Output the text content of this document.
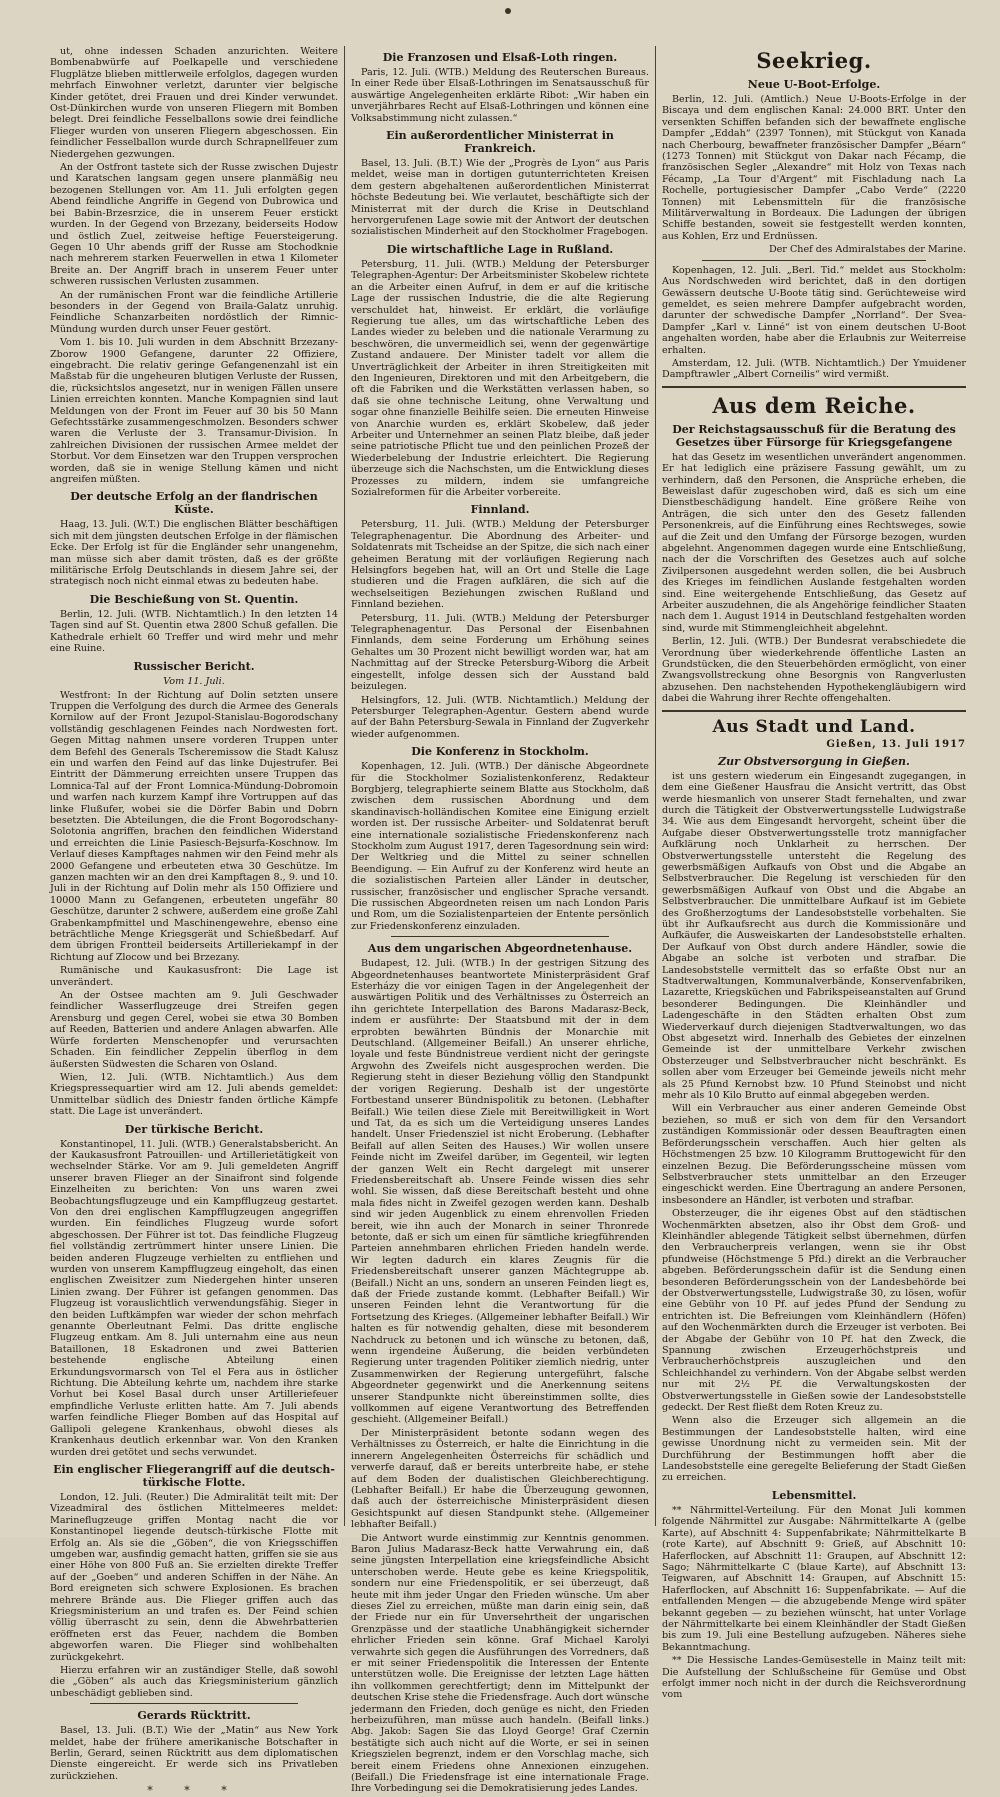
ut, ohne indessen Schaden anzurichten. Weitere Bombenabwürfe auf Poelkapelle und verschiedene Flugplätze blieben mittlerweile erfolglos, dagegen wurden mehrfach Einwohner verletzt, darunter vier belgische Kinder getötet, drei Frauen und drei Kinder verwundet. Ost-Dünkirchen wurde von unseren Fliegern mit Bomben belegt. Drei feindliche Fesselballons sowie drei feindliche Flieger wurden von unseren Fliegern abgeschossen. Ein feindlicher Fesselballon wurde durch Schrapnellfeuer zum Niedergehen gezwungen.

An der Ostfront tastete sich der Russe zwischen Dujestr und Karatschen langsam gegen unsere planmäßig neu bezogenen Stellungen vor. Am 11. Juli erfolgten gegen Abend feindliche Angriffe in Gegend von Dubrowica und bei Babin-Brzesrzice, die in unserem Feuer erstickt wurden. In der Gegend von Brzezany, beiderseits Hodow und östlich Zuel, zeitweise heftige Feuersteigerung. Gegen 10 Uhr abends griff der Russe am Stochodknie nach mehrerem starken Feuerwellen in etwa 1 Kilometer Breite an. Der Angriff brach in unserem Feuer unter schweren russischen Verlusten zusammen.

An der rumänischen Front war die feindliche Artillerie besonders in der Gegend von Braila-Galatz unruhig. Feindliche Schanzarbeiten nordöstlich der Rimnic-Mündung wurden durch unser Feuer gestört.

Vom 1. bis 10. Juli wurden in dem Abschnitt Brzezany-Zborow 1900 Gefangene, darunter 22 Offiziere, eingebracht. Die relativ geringe Gefangenenzahl ist ein Maßstab für die ungeheuren blutigen Verluste der Russen, die, rücksichtslos angesetzt, nur in wenigen Fällen unsere Linien erreichten konnten. Manche Kompagnien sind laut Meldungen von der Front im Feuer auf 30 bis 50 Mann Gefechtsstärke zusammengeschmolzen. Besonders schwer waren die Verluste der 3. Transamur-Division. In zahlreichen Divisionen der russischen Armee meldet der Storbut. Vor dem Einsetzen war den Truppen versprochen worden, daß sie in wenige Stellung kämen und nicht angreifen müßten.

Der deutsche Erfolg an der flandrischen Küste.

Haag, 13. Juli. (W.T.) Die englischen Blätter beschäftigen sich mit dem jüngsten deutschen Erfolge in der flämischen Ecke. Der Erfolg ist für die Engländer sehr unangenehm, man müsse sich aber damit trösten, daß es der größte militärische Erfolg Deutschlands in diesem Jahre sei, der strategisch noch nicht einmal etwas zu bedeuten habe.

Die Beschießung von St. Quentin.

Berlin, 12. Juli. (WTB. Nichtamtlich.) In den letzten 14 Tagen sind auf St. Quentin etwa 2800 Schuß gefallen. Die Kathedrale erhielt 60 Treffer und wird mehr und mehr eine Ruine.

Russischer Bericht.
Vom 11. Juli.

Westfront: In der Richtung auf Dolin setzten unsere Truppen die Verfolgung des durch die Armee des Generals Kornilow auf der Front Jezupol-Stanislau-Bogorodschany vollständig geschlagenen Feindes nach Nordwesten fort. Gegen Mittag nahmen unsere vorderen Truppen unter dem Befehl des Generals Tscheremissow die Stadt Kalusz ein und warfen den Feind auf das linke Dujestrufer. Bei Eintritt der Dämmerung erreichten unsere Truppen das Lomnica-Tal auf der Front Lomnica-Mündung-Dobromoin und warfen nach kurzem Kampf ihre Vortruppen auf das linke Flußufer, wobei sie die Dörfer Babin und Dobrn besetzten. Die Abteilungen, die die Front Bogorodschany-Solotonia angriffen, brachen den feindlichen Widerstand und erreichten die Linie Pasiesch-Bejsurfa-Koschnow. Im Verlauf dieses Kampftages nahmen wir den Feind mehr als 2000 Gefangene und erbeuteten etwa 30 Geschütze. Im ganzen machten wir an den drei Kampftagen 8., 9. und 10. Juli in der Richtung auf Dolin mehr als 150 Offiziere und 10000 Mann zu Gefangenen, erbeuteten ungefähr 80 Geschütze, darunter 2 schwere, außerdem eine große Zahl Grabenkampfmittel und Maschinengewehre, ebenso eine beträchtliche Menge Kriegsgerät und Schießbedarf. Auf dem übrigen Frontteil beiderseits Artilleriekampf in der Richtung auf Zlocow und bei Brzezany.

Rumänische und Kaukasusfront: Die Lage ist unverändert.

An der Ostsee machten am 9. Juli Geschwader feindlicher Wasserflugzeuge drei Streifen gegen Arensburg und gegen Cerel, wobei sie etwa 30 Bomben auf Reeden, Batterien und andere Anlagen abwarfen. Alle Würfe forderten Menschenopfer und verursachten Schaden. Ein feindlicher Zeppelin überflog in dem äußersten Südwesten die Scharen von Osland.

Wien, 12. Juli. (WTB. Nichtamtlich.) Aus dem Kriegspressequartier wird am 12. Juli abends gemeldet: Unmittelbar südlich des Dniestr fanden örtliche Kämpfe statt. Die Lage ist unverändert.

Der türkische Bericht.

Konstantinopel, 11. Juli. (WTB.) Generalstabsbericht. An der Kaukasusfront Patrouillen- und Artillerietätigkeit von wechselnder Stärke. Vor am 9. Juli gemeldeten Angriff unserer braven Flieger an der Sinaifront sind folgende Einzelheiten zu berichten: Von uns waren zwei Beobachtungsflugzeuge und ein Kampfflugzeug gestartet. Von den drei englischen Kampfflugzeugen angegriffen wurden. Ein feindliches Flugzeug wurde sofort abgeschossen. Der Führer ist tot. Das feindliche Flugzeug fiel vollständig zertrümmert hinter unsere Linien. Die beiden anderen Flugzeuge verhielten zu entfliehen und wurden von unserem Kampfflugzeug eingeholt, das einen englischen Zweisitzer zum Niedergehen hinter unseren Linien zwang. Der Führer ist gefangen genommen. Das Flugzeug ist vorauslichtlich verwendungsfähig. Sieger in den beiden Luftkämpfen war wieder der schon mehrfach genannte Oberleutnant Felmi. Das dritte englische Flugzeug entkam. Am 8. Juli unternahm eine aus neun Bataillonen, 18 Eskadronen und zwei Batterien bestehende englische Abteilung einen Erkundungsvormarsch von Tel el Fera aus in östlicher Richtung. Die Abteilung kehrte um, nachdem ihre starke Vorhut bei Kosel Basal durch unser Artilleriefeuer empfindliche Verluste erlitten hatte. Am 7. Juli abends warfen feindliche Flieger Bomben auf das Hospital auf Gallipoli gelegene Krankenhaus, obwohl dieses als Krankenhaus deutlich erkennbar war. Von den Kranken wurden drei getötet und sechs verwundet.

Ein englischer Fliegerangriff auf die deutsch-türkische Flotte.

London, 12. Juli. (Reuter.) Die Admiralität teilt mit: Der Vizeadmiral des östlichen Mittelmeeres meldet: Marineflugzeuge griffen Montag nacht die vor Konstantinopel liegende deutsch-türkische Flotte mit Erfolg an. Als sie die „Göben“, die von Kriegsschiffen umgeben war, ausfindig gemacht hatten, griffen sie sie aus einer Höhe von 800 Fuß an. Sie erzielten direkte Treffer auf der „Goeben“ und anderen Schiffen in der Nähe. An Bord ereigneten sich schwere Explosionen. Es brachen mehrere Brände aus. Die Flieger griffen auch das Kriegsministerium an und trafen es. Der Feind schien völlig überrascht zu sein, denn die Abwehrbatterien eröffneten erst das Feuer, nachdem die Bomben abgeworfen waren. Die Flieger sind wohlbehalten zurückgekehrt.

Hierzu erfahren wir an zuständiger Stelle, daß sowohl die „Göben“ als auch das Kriegsministerium gänzlich unbeschädigt geblieben sind.

Gerards Rücktritt.

Basel, 13. Juli. (B.T.) Wie der „Matin“ aus New York meldet, habe der frühere amerikanische Botschafter in Berlin, Gerard, seinen Rücktritt aus dem diplomatischen Dienste eingereicht. Er werde sich ins Privatleben zurückziehen.

* * *
Die Franzosen und Elsaß-Loth ringen.

Paris, 12. Juli. (WTB.) Meldung des Reuterschen Bureaus. In einer Rede über Elsaß-Lothringen im Senatsausschuß für auswärtige Angelegenheiten erklärte Ribot: „Wir haben ein unverjährbares Recht auf Elsaß-Lothringen und können eine Volksabstimmung nicht zulassen.“

Ein außerordentlicher Ministerrat in Frankreich.

Basel, 13. Juli. (B.T.) Wie der „Progrès de Lyon“ aus Paris meldet, weise man in dortigen gutunterrichteten Kreisen dem gestern abgehaltenen außerordentlichen Ministerrat höchste Bedeutung bei. Wie verlautet, beschäftigte sich der Ministerrat mit der durch die Krise in Deutschland hervorgerufenen Lage sowie mit der Antwort der deutschen sozialistischen Minderheit auf den Stockholmer Fragebogen.

Die wirtschaftliche Lage in Rußland.

Petersburg, 11. Juli. (WTB.) Meldung der Petersburger Telegraphen-Agentur: Der Arbeitsminister Skobelew richtete an die Arbeiter einen Aufruf, in dem er auf die kritische Lage der russischen Industrie, die die alte Regierung verschuldet hat, hinweist. Er erklärt, die vorläufige Regierung tue alles, um das wirtschaftliche Leben des Landes wieder zu beleben und die nationale Verarmung zu beschwören, die unvermeidlich sei, wenn der gegenwärtige Zustand andauere. Der Minister tadelt vor allem die Unverträglichkeit der Arbeiter in ihren Streitigkeiten mit den Ingenieuren, Direktoren und mit den Arbeitgebern, die oft die Fabriken und die Werkstätten verlassen haben, so daß sie ohne technische Leitung, ohne Verwaltung und sogar ohne finanzielle Beihilfe seien. Die erneuten Hinweise von Anarchie wurden es, erklärt Skobelew, daß jeder Arbeiter und Unternehmer an seinen Platz bleibe, daß jeder seine patriotische Pflicht tue und den peinlichen Prozeß der Wiederbelebung der Industrie erleichtert. Die Regierung überzeuge sich die Nachschsten, um die Entwicklung dieses Prozesses zu mildern, indem sie umfangreiche Sozialreformen für die Arbeiter vorbereite.

Finnland.

Petersburg, 11. Juli. (WTB.) Meldung der Petersburger Telegraphenagentur. Die Abordnung des Arbeiter- und Soldatenrats mit Tscheidse an der Spitze, die sich nach einer geheimen Beratung mit der vorläufigen Regierung nach Helsingfors begeben hat, will an Ort und Stelle die Lage studieren und die Fragen aufklären, die sich auf die wechselseitigen Beziehungen zwischen Rußland und Finnland beziehen.

Petersburg, 11. Juli. (WTB.) Meldung der Petersburger Telegraphenagentur. Das Personal der Eisenbahnen Finnlands, dem seine Forderung um Erhöhung seines Gehaltes um 30 Prozent nicht bewilligt worden war, hat am Nachmittag auf der Strecke Petersburg-Wiborg die Arbeit eingestellt, infolge dessen sich der Ausstand bald beizulegen.

Helsingfors, 12. Juli. (WTB. Nichtamtlich.) Meldung der Petersburger Telegraphen-Agentur. Gestern abend wurde auf der Bahn Petersburg-Sewala in Finnland der Zugverkehr wieder aufgenommen.

Die Konferenz in Stockholm.

Kopenhagen, 12. Juli. (WTB.) Der dänische Abgeordnete für die Stockholmer Sozialistenkonferenz, Redakteur Borgbjerg, telegraphierte seinem Blatte aus Stockholm, daß zwischen dem russischen Abordnung und dem skandinavisch-holländischen Komitee eine Einigung erzielt worden ist. Der russische Arbeiter- und Soldatenrat beruft eine internationale sozialistische Friedenskonferenz nach Stockholm zum August 1917, deren Tagesordnung sein wird: Der Weltkrieg und die Mittel zu seiner schnellen Beendigung. — Ein Aufruf zu der Konferenz wird heute an die sozialistischen Parteien aller Länder in deutscher, russischer, französischer und englischer Sprache versandt. Die russischen Abgeordneten reisen um nach London Paris und Rom, um die Sozialistenparteien der Entente persönlich zur Friedenskonferenz einzuladen.

Aus dem ungarischen Abgeordnetenhause.

Budapest, 12. Juli. (WTB.) In der gestrigen Sitzung des Abgeordnetenhauses beantwortete Ministerpräsident Graf Esterházy die vor einigen Tagen in der Angelegenheit der auswärtigen Politik und des Verhältnisses zu Österreich an ihn gerichtete Interpellation des Barons Madarasz-Beck, indem er ausführte: Der Staatsbund mit der in dem erprobten bewährten Bündnis der Monarchie mit Deutschland. (Allgemeiner Beifall.) An unserer ehrliche, loyale und feste Bündnistreue verdient nicht der geringste Argwohn des Zweifels nicht ausgesprochen werden. Die Regierung steht in dieser Beziehung völlig den Standpunkt der vorigen Regierung. Deshalb ist der ungestörte Fortbestand unserer Bündnispolitik zu betonen. (Lebhafter Beifall.) Wie teilen diese Ziele mit Bereitwilligkeit in Wort und Tat, da es sich um die Verteidigung unseres Landes handelt. Unser Friedensziel ist nicht Eroberung. (Lebhafter Beifall auf allen Seiten des Hauses.) Wir wollen unsere Feinde nicht im Zweifel darüber, im Gegenteil, wir legten der ganzen Welt ein Recht dargelegt mit unserer Friedensbereitschaft ab. Unsere Feinde wissen dies sehr wohl. Sie wissen, daß diese Bereitschaft besteht und ohne mala fides nicht in Zweifel gezogen werden kann. Deshalb sind wir jeden Augenblick zu einem ehrenvollen Frieden bereit, wie ihn auch der Monarch in seiner Thronrede betonte, daß er sich um einen für sämtliche kriegführenden Parteien annehmbaren ehrlichen Frieden handeln werde. Wir legten dadurch ein klares Zeugnis für die Friedensbereitschaft unserer ganzen Mächtegruppe ab. (Beifall.) Nicht an uns, sondern an unseren Feinden liegt es, daß der Friede zustande kommt. (Lebhafter Beifall.) Wir unseren Feinden lehnt die Verantwortung für die Fortsetzung des Krieges. (Allgemeiner lebhafter Beifall.) Wir halten es für notwendig gehalten, diese mit besonderem Nachdruck zu betonen und ich wünsche zu betonen, daß, wenn irgendeine Äußerung, die beiden verbündeten Regierung unter tragenden Politiker ziemlich niedrig, unter Zusammenwirken der Regierung untergeführt, falsche Abgeordneter gegenwirkt und die Anerkennung seitens unserer Standpunkte nicht übereinstimmen sollte, dies vollkommen auf eigene Verantwortung des Betreffenden geschieht. (Allgemeiner Beifall.)

Der Ministerpräsident betonte sodann wegen des Verhältnisses zu Österreich, er halte die Einrichtung in die innerern Angelegenheiten Österreichs für schädlich und verwerfe darauf, daß er bereits unterbreite habe, er stehe auf dem Boden der dualistischen Gleichberechtigung. (Lebhafter Beifall.) Er habe die Überzeugung gewonnen, daß auch der österreichische Ministerpräsident diesen Gesichtspunkt auf diesen Standpunkt stehe. (Allgemeiner lebhafter Beifall.)

Die Antwort wurde einstimmig zur Kenntnis genommen. Baron Julius Madarasz-Beck hatte Verwahrung ein, daß seine jüngsten Interpellation eine kriegsfeindliche Absicht unterschoben werde. Heute gebe es keine Kriegspolitik, sondern nur eine Friedenspolitik, er sei überzeugt, daß heute mit ihm jeder Ungar den Frieden wünsche. Um aber dieses Ziel zu erreichen, müßte man darin einig sein, daß der Friede nur ein für Unversehrtheit der ungarischen Grenzpässe und der staatliche Unabhängigkeit sichernder ehrlicher Frieden sein könne. Graf Michael Karolyi verwahrte sich gegen die Ausführungen des Vorredners, daß er mit seiner Friedenspolitik die Interessen der Entente unterstützen wolle. Die Ereignisse der letzten Lage hätten ihn vollkommen gerechtfertigt; denn im Mittelpunkt der deutschen Krise stehe die Friedensfrage. Auch dort wünsche jedermann den Frieden, doch genüge es nicht, den Frieden herbeizuführen, man müsse auch handeln. (Beifall links.) Abg. Jakob: Sagen Sie das Lloyd George! Graf Czernin bestätigte sich auch nicht auf die Worte, er sei in seinen Kriegszielen begrenzt, indem er den Vorschlag mache, sich bereit einem Friedens ohne Annexionen einzugehen. (Beifall.) Die Friedensfrage ist eine internationale Frage. Ihre Vorbedingung sei die Demokratisierung jedes Landes.

Seekrieg.
Neue U-Boot-Erfolge.

Berlin, 12. Juli. (Amtlich.) Neue U-Boots-Erfolge in der Biscaya und dem englischen Kanal: 24.000 BRT. Unter den versenkten Schiffen befanden sich der bewaffnete englische Dampfer „Eddah“ (2397 Tonnen), mit Stückgut von Kanada nach Cherbourg, bewaffneter französischer Dampfer „Béarn“ (1273 Tonnen) mit Stückgut von Dakar nach Fécamp, die französischen Segler „Alexandre“ mit Holz von Texas nach Fécamp, „La Tour d'Argent“ mit Fischladung nach La Rochelle, portugiesischer Dampfer „Cabo Verde“ (2220 Tonnen) mit Lebensmitteln für die französische Militärverwaltung in Bordeaux. Die Ladungen der übrigen Schiffe bestanden, soweit sie festgestellt werden konnten, aus Kohlen, Erz und Erdnüssen.

Der Chef des Admiralstabes der Marine.

Kopenhagen, 12. Juli. „Berl. Tid.“ meldet aus Stockholm: Aus Nordschweden wird berichtet, daß in den dortigen Gewässern deutsche U-Boote tätig sind. Gerüchteweise wird gemeldet, es seien mehrere Dampfer aufgebracht worden, darunter der schwedische Dampfer „Norrland“. Der Svea-Dampfer „Karl v. Linné“ ist von einem deutschen U-Boot angehalten worden, habe aber die Erlaubnis zur Weiterreise erhalten.

Amsterdam, 12. Juli. (WTB. Nichtamtlich.) Der Ymuidener Dampftrawler „Albert Corneilis“ wird vermißt.

Aus dem Reiche.
Der Reichstagsausschuß für die Beratung des Gesetzes über Fürsorge für Kriegsgefangene

hat das Gesetz im wesentlichen unverändert angenommen. Er hat lediglich eine präzisere Fassung gewählt, um zu verhindern, daß den Personen, die Ansprüche erheben, die Beweislast dafür zugeschoben wird, daß es sich um eine Dienstbeschädigung handelt. Eine größere Reihe von Anträgen, die sich unter den des Gesetz fallenden Personenkreis, auf die Einführung eines Rechtsweges, sowie auf die Zeit und den Umfang der Fürsorge bezogen, wurden abgelehnt. Angenommen dagegen wurde eine Entschließung, nach der die Vorschriften des Gesetzes auch auf solche Zivilpersonen ausgedehnt werden sollen, die bei Ausbruch des Krieges im feindlichen Auslande festgehalten worden sind. Eine weitergehende Entschließung, das Gesetz auf Arbeiter auszudehnen, die als Angehörige feindlicher Staaten nach dem 1. August 1914 in Deutschland festgehalten worden sind, wurde mit Stimmengleichheit abgelehnt.

Berlin, 12. Juli. (WTB.) Der Bundesrat verabschiedete die Verordnung über wiederkehrende öffentliche Lasten an Grundstücken, die den Steuerbehörden ermöglicht, von einer Zwangsvollstreckung ohne Besorgnis von Rangverlusten abzusehen. Den nachstehenden Hypothekengläubigern wird dabei die Wahrung ihrer Rechte offengehalten.

Aus Stadt und Land.
Gießen, 13. Juli 1917
Zur Obstversorgung in Gießen.

ist uns gestern wiederum ein Eingesandt zugegangen, in dem eine Gießener Hausfrau die Ansicht vertritt, das Obst werde hiesmanlich von unserer Stadt fernehalten, und zwar durch die Tätigkeit der Obstverwertungsstelle Ludwigstraße 34. Wie aus dem Eingesandt hervorgeht, scheint über die Aufgabe dieser Obstverwertungsstelle trotz mannigfacher Aufklärung noch Unklarheit zu herrschen. Der Obstverwertungsstelle untersteht die Regelung des gewerbsmäßigen Aufkaufs von Obst und die Abgabe an Selbstverbraucher. Die Regelung ist verschieden für den gewerbsmäßigen Aufkauf von Obst und die Abgabe an Selbstverbraucher. Die unmittelbare Aufkauf ist im Gebiete des Großherzogtums der Landesobststelle vorbehalten. Sie übt ihr Aufkaufsrecht aus durch die Kommissionäre und Aufkäufer, die Ausweiskarten der Landesobststelle erhalten. Der Aufkauf von Obst durch andere Händler, sowie die Abgabe an solche ist verboten und strafbar. Die Landesobststelle vermittelt das so erfaßte Obst nur an Stadtverwaltungen, Kommunalverbände, Konservenfabriken, Lazarette, Kriegsküchen und Fabrikspeiseanstalten auf Grund besonderer Bedingungen. Die Kleinhändler und Ladengeschäfte in den Städten erhalten Obst zum Wiederverkauf durch diejenigen Stadtverwaltungen, wo das Obst abgesetzt wird. Innerhalb des Gebietes der einzelnen Gemeinde ist der unmittelbare Verkehr zwischen Obsterzeuger und Selbstverbraucher nicht beschränkt. Es sollen aber vom Erzeuger bei Gemeinde jeweils nicht mehr als 25 Pfund Kernobst bzw. 10 Pfund Steinobst und nicht mehr als 10 Kilo Brutto auf einmal abgegeben werden.

Will ein Verbraucher aus einer anderen Gemeinde Obst beziehen, so muß er sich von dem für den Versandort zuständigen Kommissionär oder dessen Beauftragten einen Beförderungsschein verschaffen. Auch hier gelten als Höchstmengen 25 bzw. 10 Kilogramm Bruttogewicht für den einzelnen Bezug. Die Beförderungsscheine müssen vom Selbstverbraucher stets unmittelbar an den Erzeuger eingeschickt werden. Eine Übertragung an andere Personen, insbesondere an Händler, ist verboten und strafbar.

Obsterzeuger, die ihr eigenes Obst auf den städtischen Wochenmärkten absetzen, also ihr Obst dem Groß- und Kleinhändler ablegende Tätigkeit selbst übernehmen, dürfen den Verbraucherpreis verlangen, wenn sie ihr Obst pfundweise (Höchstmenge 5 Pfd.) direkt an die Verbraucher abgeben. Beförderungsschein dafür ist die Sendung einen besonderen Beförderungsschein von der Landesbehörde bei der Obstverwertungsstelle, Ludwigstraße 30, zu lösen, wofür eine Gebühr von 10 Pf. auf jedes Pfund der Sendung zu entrichten ist. Die Befreiungen vom Kleinhändlern (Höfen) auf den Wochenmärkten durch die Erzeuger ist verboten. Bei der Abgabe der Gebühr von 10 Pf. hat den Zweck, die Spannung zwischen Erzeugerhöchstpreis und Verbraucherhöchstpreis auszugleichen und den Schleichhandel zu verhindern. Von der Abgabe selbst werden nur mit 2½ Pf. die Verwaltungskosten der Obstverwertungsstelle in Gießen sowie der Landesobststelle gedeckt. Der Rest fließt dem Roten Kreuz zu.

Wenn also die Erzeuger sich allgemein an die Bestimmungen der Landesobststelle halten, wird eine gewisse Unordnung nicht zu vermeiden sein. Mit der Durchführung der Bestimmungen hofft aber die Landesobststelle eine geregelte Belieferung der Stadt Gießen zu erreichen.

Lebensmittel.

** Nährmittel-Verteilung. Für den Monat Juli kommen folgende Nährmittel zur Ausgabe: Nährmittelkarte A (gelbe Karte), auf Abschnitt 4: Suppenfabrikate; Nährmittelkarte B (rote Karte), auf Abschnitt 9: Grieß, auf Abschnitt 10: Haferflocken, auf Abschnitt 11: Graupen, auf Abschnitt 12: Sago; Nährmittelkarte C (blaue Karte), auf Abschnitt 13: Teigwaren, auf Abschnitt 14: Graupen, auf Abschnitt 15: Haferflocken, auf Abschnitt 16: Suppenfabrikate. — Auf die entfallenden Mengen — die abzugebende Menge wird später bekannt gegeben — zu beziehen wünscht, hat unter Vorlage der Nährmittelkarte bei einem Kleinhändler der Stadt Gießen bis zum 19. Juli eine Bestellung aufzugeben. Näheres siehe Bekanntmachung.

** Die Hessische Landes-Gemüsestelle in Mainz teilt mit: Die Aufstellung der Schlußscheine für Gemüse und Obst erfolgt immer noch nicht in der durch die Reichsverordnung vom
